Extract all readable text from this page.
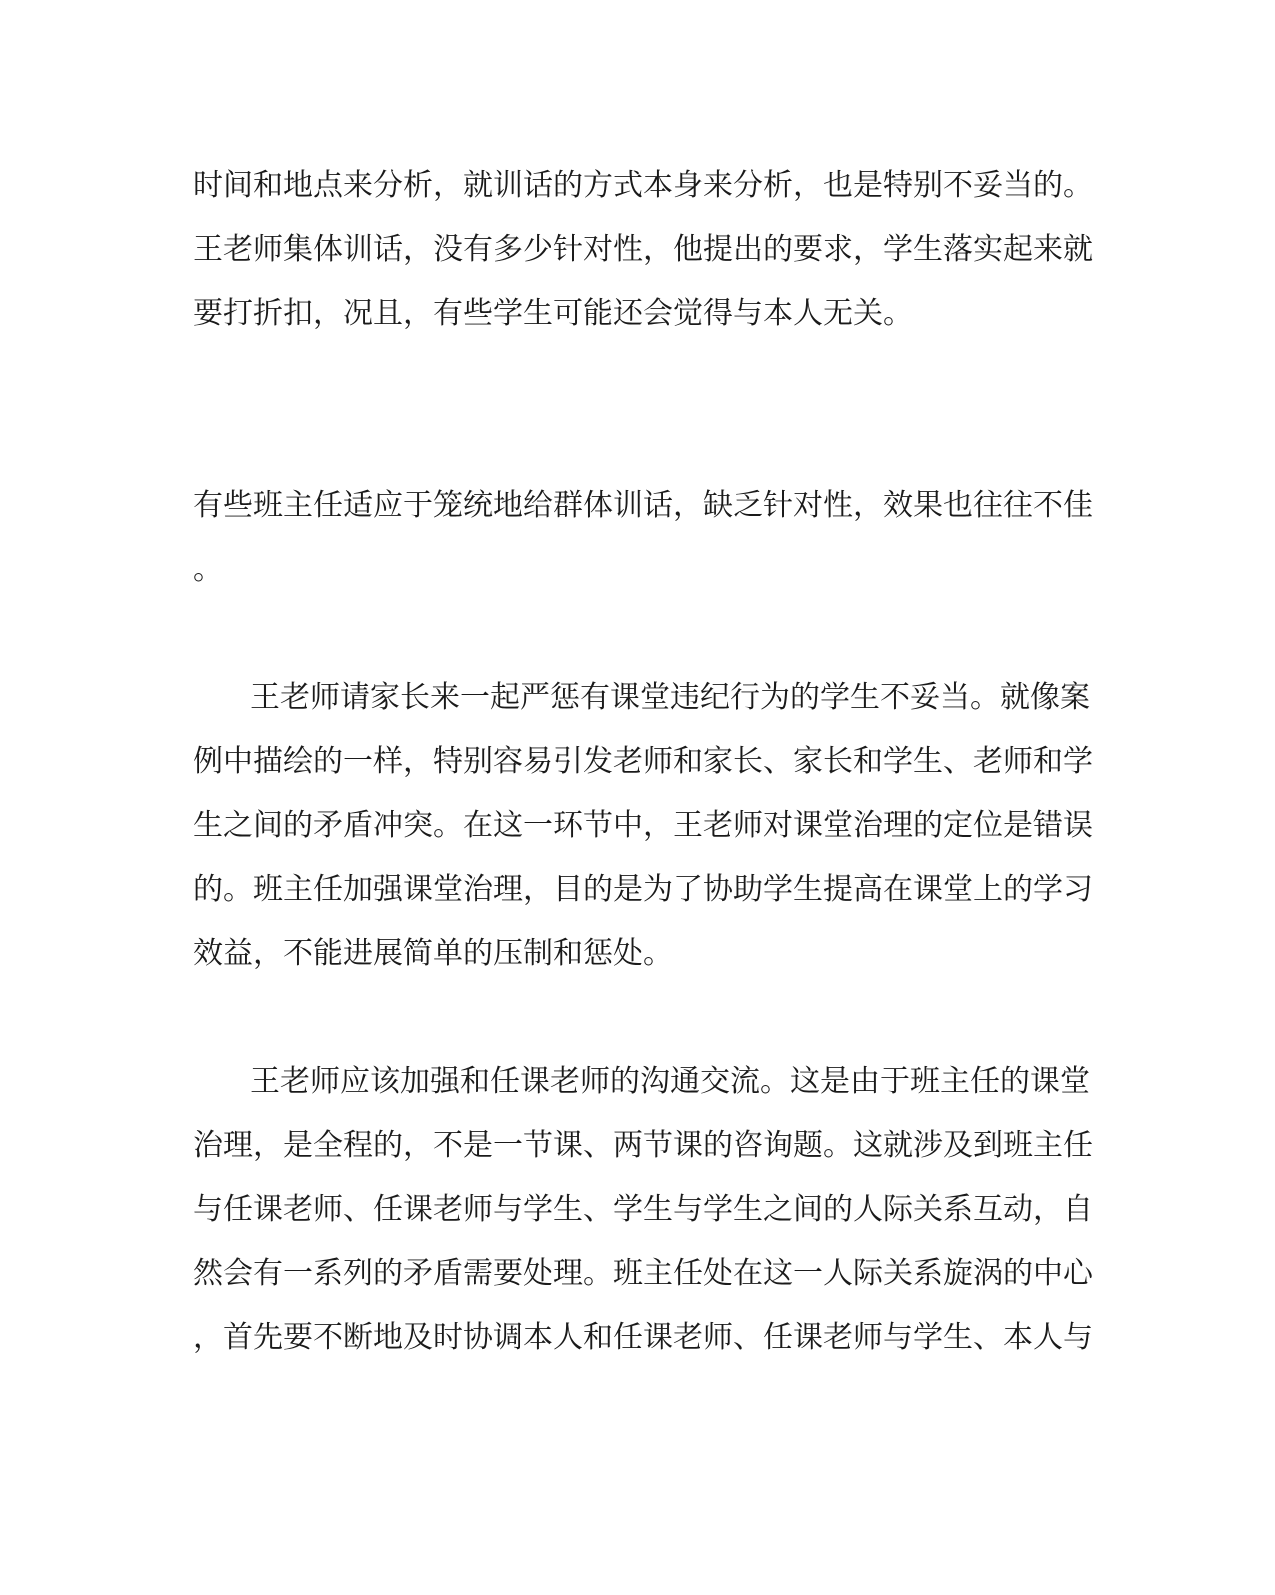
时间和地点来分析，就训话的方式本身来分析，也是特别不妥当的。
王老师集体训话，没有多少针对性，他提出的要求，学生落实起来就
要打折扣，况且，有些学生可能还会觉得与本人无关。
有些班主任适应于笼统地给群体训话，缺乏针对性，效果也往往不佳
。
王老师请家长来一起严惩有课堂违纪行为的学生不妥当。就像案
例中描绘的一样，特别容易引发老师和家长、家长和学生、老师和学
生之间的矛盾冲突。在这一环节中，王老师对课堂治理的定位是错误
的。班主任加强课堂治理，目的是为了协助学生提高在课堂上的学习
效益，不能进展简单的压制和惩处。
王老师应该加强和任课老师的沟通交流。这是由于班主任的课堂
治理，是全程的，不是一节课、两节课的咨询题。这就涉及到班主任
与任课老师、任课老师与学生、学生与学生之间的人际关系互动，自
然会有一系列的矛盾需要处理。班主任处在这一人际关系旋涡的中心
，首先要不断地及时协调本人和任课老师、任课老师与学生、本人与
